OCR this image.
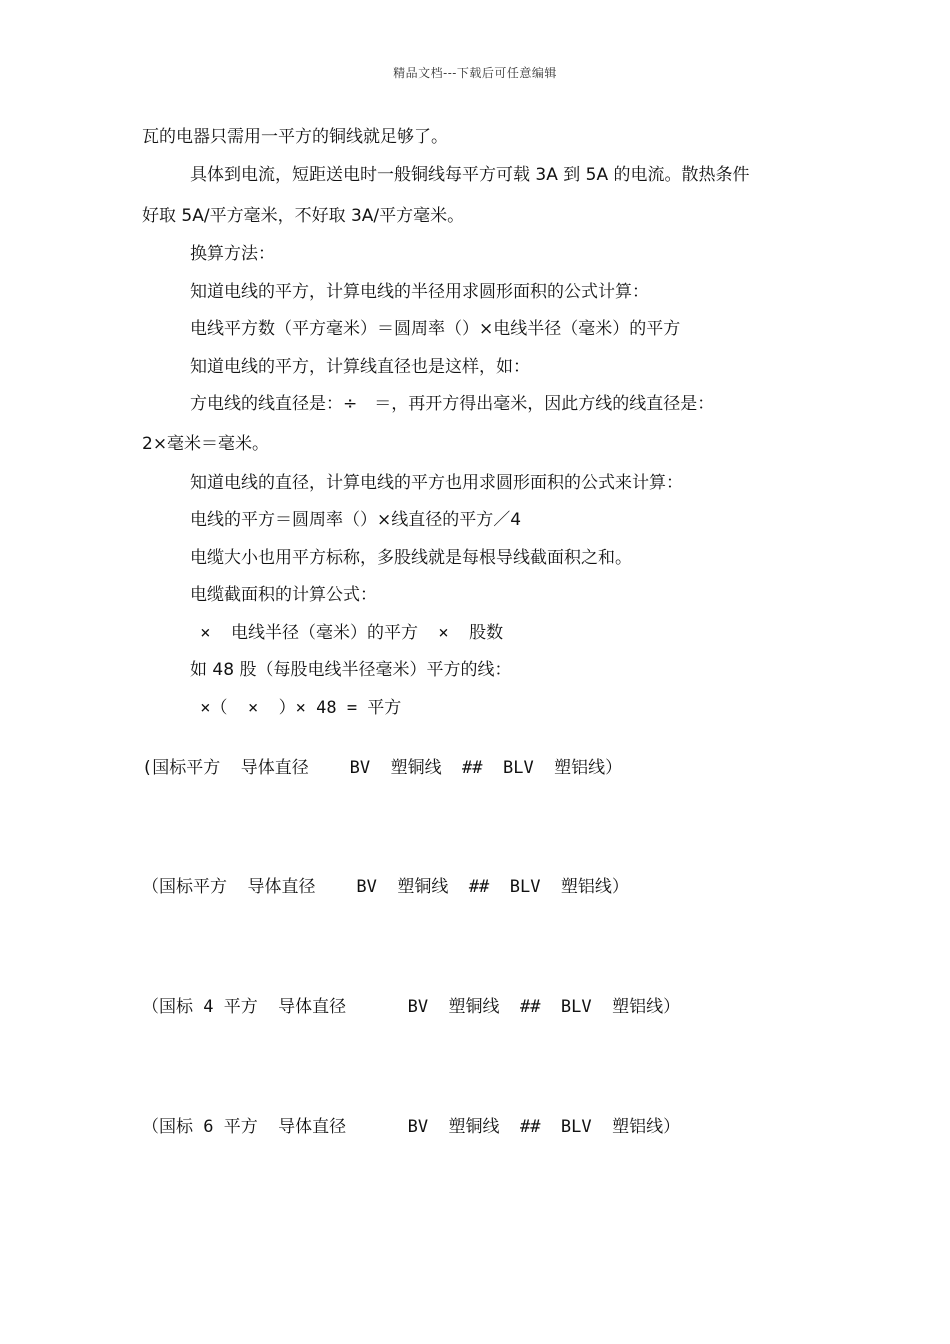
精品文档---下载后可任意编辑
瓦的电器只需用一平方的铜线就足够了。
具体到电流，短距送电时一般铜线每平方可载 3A 到 5A 的电流。散热条件
好取 5A/平方毫米，不好取 3A/平方毫米。
换算方法：
知道电线的平方，计算电线的半径用求圆形面积的公式计算：
电线平方数（平方毫米）＝圆周率（）×电线半径（毫米）的平方
知道电线的平方，计算线直径也是这样，如：
方电线的线直径是：÷　＝，再开方得出毫米，因此方线的线直径是：
2×毫米＝毫米。
知道电线的直径，计算电线的平方也用求圆形面积的公式来计算：
电线的平方＝圆周率（）×线直径的平方／4
电缆大小也用平方标称，多股线就是每根导线截面积之和。
电缆截面积的计算公式：
×  电线半径（毫米）的平方  ×  股数
如 48 股（每股电线半径毫米）平方的线：
×（  ×  ）× 48 = 平方
(国标平方  导体直径    BV  塑铜线  ##  BLV  塑铝线）
（国标平方  导体直径    BV  塑铜线  ##  BLV  塑铝线）
（国标 4 平方  导体直径      BV  塑铜线  ##  BLV  塑铝线）
（国标 6 平方  导体直径      BV  塑铜线  ##  BLV  塑铝线）
